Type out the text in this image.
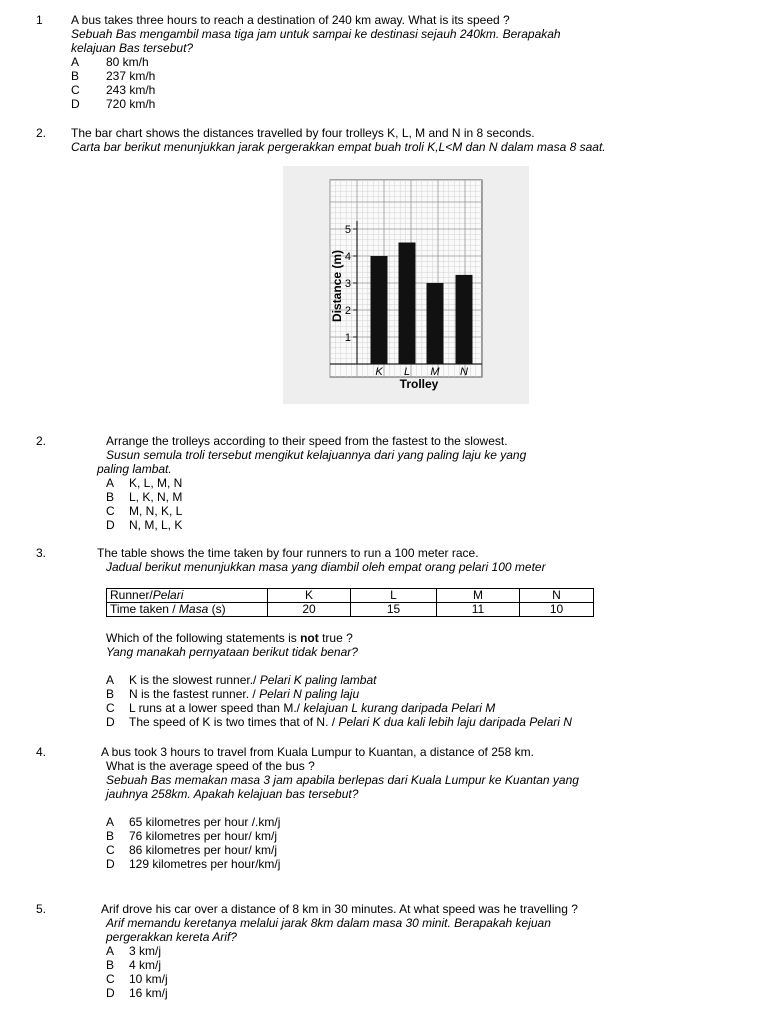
1 A bus takes three hours to reach a destination of 240 km away. What is its speed ?
Sebuah Bas mengambil masa tiga jam untuk sampai ke destinasi sejauh 240km. Berapakah
kelajuan Bas tersebut?
A 80 km/h
B 237 km/h
C 243 km/h
D 720 km/h
2. The bar chart shows the distances travelled by four trolleys K, L, M and N in 8 seconds.
Carta bar berikut menunjukkan jarak pergerakkan empat buah troli K,L<M dan N dalam masa 8 saat.
1
2
3
4
5
K L M N
Distance (m)
Trolley
2.	Arrange the trolleys according to their speed from the fastest to the slowest.
Susun semula troli tersebut mengikut kelajuannya dari yang paling laju ke yang
paling lambat.
A K, L, M, N
B L, K, N, M
C M, N, K, L
D N, M, L, K
3.	The table shows the time taken by four runners to run a 100 meter race.
Jadual berikut menunjukkan masa yang diambil oleh empat orang pelari 100 meter
Runner/Pelari	K	L	M	N
Time taken / Masa (s)	20	15	11	10
Which of the following statements is not true ?
Yang manakah pernyataan berikut tidak benar?
A K is the slowest runner./ Pelari K paling lambat
B N is the fastest runner. / Pelari N paling laju
C L runs at a lower speed than M./ kelajuan L kurang daripada Pelari M
D The speed of K is two times that of N. / Pelari K dua kali lebih laju daripada Pelari N
4.	A bus took 3 hours to travel from Kuala Lumpur to Kuantan, a distance of 258 km.
What is the average speed of the bus ?
Sebuah Bas memakan masa 3 jam apabila berlepas dari Kuala Lumpur ke Kuantan yang
jauhnya 258km. Apakah kelajuan bas tersebut?
A 65 kilometres per hour /.km/j
B 76 kilometres per hour/ km/j
C 86 kilometres per hour/ km/j
D 129 kilometres per hour/km/j
5.	Arif drove his car over a distance of 8 km in 30 minutes. At what speed was he travelling ?
Arif memandu keretanya melalui jarak 8km dalam masa 30 minit. Berapakah kejuan
pergerakkan kereta Arif?
A 3 km/j
B 4 km/j
C 10 km/j
D 16 km/j
